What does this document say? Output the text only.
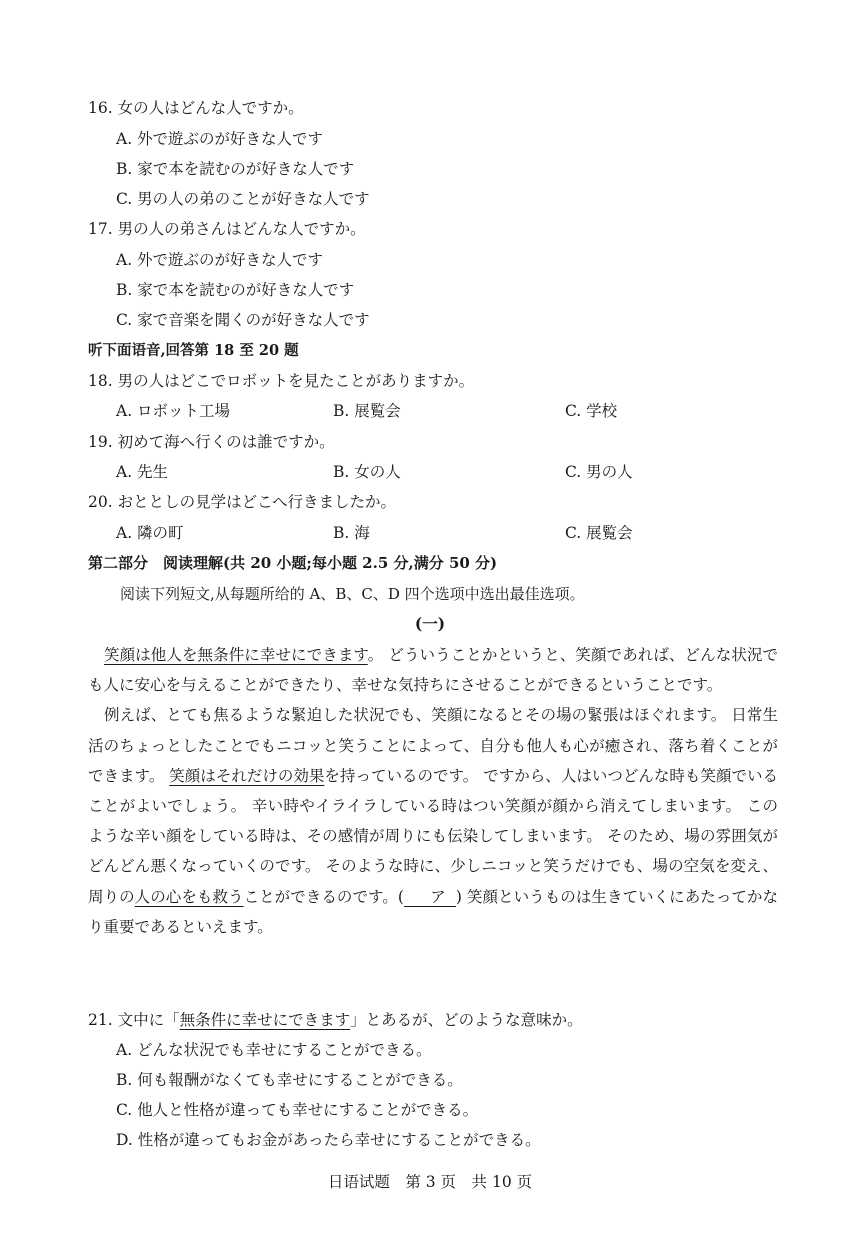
16. 女の人はどんな人ですか。
A. 外で遊ぶのが好きな人です
B. 家で本を読むのが好きな人です
C. 男の人の弟のことが好きな人です
17. 男の人の弟さんはどんな人ですか。
A. 外で遊ぶのが好きな人です
B. 家で本を読むのが好きな人です
C. 家で音楽を聞くのが好きな人です
听下面语音,回答第 18 至 20 题
18. 男の人はどこでロボットを見たことがありますか。
A. ロボット工場	B. 展覧会	C. 学校
19. 初めて海へ行くのは誰ですか。
A. 先生	B. 女の人	C. 男の人
20. おととしの見学はどこへ行きましたか。
A. 隣の町	B. 海	C. 展覧会
第二部分　阅读理解(共 20 小题;每小题 2.5 分,满分 50 分)
阅读下列短文,从每题所给的 A、B、C、D 四个选项中选出最佳选项。
(一)

笑顔は他人を無条件に幸せにできます。 どういうことかというと、笑顔であれば、どんな状況でも人に安心を与えることができたり、幸せな気持ちにさせることができるということです。

例えば、とても焦るような緊迫した状況でも、笑顔になるとその場の緊張はほぐれます。 日常生活のちょっとしたことでもニコッと笑うことによって、自分も他人も心が癒され、落ち着くことができます。 笑顔はそれだけの効果を持っているのです。 ですから、人はいつどんな時も笑顔でいることがよいでしょう。 辛い時やイライラしている時はつい笑顔が顔から消えてしまいます。 このような辛い顔をしている時は、その感情が周りにも伝染してしまいます。 そのため、場の雰囲気がどんどん悪くなっていくのです。 そのような時に、少しニコッと笑うだけでも、場の空気を変え、周りの人の心をも救うことができるのです。( ア ) 笑顔というものは生きていくにあたってかなり重要であるといえます。

21. 文中に「無条件に幸せにできます」とあるが、どのような意味か。
A. どんな状況でも幸せにすることができる。
B. 何も報酬がなくても幸せにすることができる。
C. 他人と性格が違っても幸せにすることができる。
D. 性格が違ってもお金があったら幸せにすることができる。
日语试题　第 3 页　共 10 页
